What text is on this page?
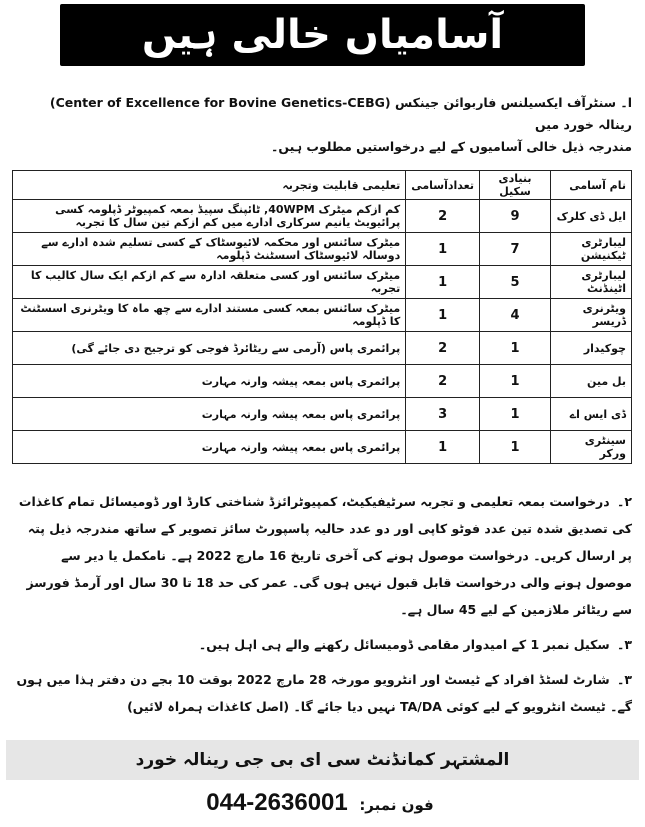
آسامیاں خالی ہیں
ا۔ سنٹرآف ایکسیلنس فاربوائن جینکس (Center of Excellence for Bovine Genetics-CEBG) رینالہ خورد میں
مندرجہ ذیل خالی آسامیوں کے لیے درخواستیں مطلوب ہیں۔
نام آسامی	بنیادی سکیل	تعدادآسامی	تعلیمی قابلیت وتجربہ
ایل ڈی کلرک	9	2	کم ازکم میٹرک 40WPM, ٹائپنگ سپیڈ بمعہ کمپیوٹر ڈپلومہ کسی پرائیویٹ یانیم سرکاری ادارے میں کم ازکم تین سال کا تجربہ
لیبارٹری ٹیکنیشن	7	1	میٹرک سائنس اور محکمہ لائیوسٹاک کے کسی تسلیم شدہ ادارے سے دوسالہ لائیوسٹاک اسسٹنٹ ڈپلومہ
لیبارٹری اٹینڈنٹ	5	1	میٹرک سائنس اور کسی متعلقہ ادارہ سے کم ازکم ایک سال کالیب کا تجربہ
ویٹرنری ڈریسر	4	1	میٹرک سائنس بمعہ کسی مستند ادارے سے چھ ماہ کا ویٹرنری اسسٹنٹ کا ڈپلومہ
چوکیدار	1	2	پرائمری پاس (آرمی سے ریٹائرڈ فوجی کو ترجیح دی جائے گی)
بل مین	1	2	پرائمری پاس بمعہ پیشہ وارنہ مہارت
ڈی ایس اے	1	3	پرائمری پاس بمعہ پیشہ وارنہ مہارت
سینٹری ورکر	1	1	پرائمری پاس بمعہ پیشہ وارنہ مہارت

۲۔ درخواست بمعہ تعلیمی و تجربہ سرٹیفیکیٹ، کمپیوٹرائزڈ شناختی کارڈ اور ڈومیسائل تمام کاغذات کی تصدیق شدہ تین عدد فوٹو کاپی اور دو عدد حالیہ پاسپورٹ سائز تصویر کے ساتھ مندرجہ ذیل پتہ پر ارسال کریں۔ درخواست موصول ہونے کی آخری تاریخ 16 مارچ 2022 ہے۔ نامکمل یا دیر سے موصول ہونے والی درخواست قابل قبول نہیں ہوں گی۔ عمر کی حد 18 تا 30 سال اور آرمڈ فورسز سے ریٹائر ملازمین کے لیے 45 سال ہے۔

۳۔ سکیل نمبر 1 کے امیدوار مقامی ڈومیسائل رکھنے والے ہی اہل ہیں۔

۳۔ شارٹ لسٹڈ افراد کے ٹیسٹ اور انٹرویو مورخہ 28 مارچ 2022 بوقت 10 بجے دن دفتر ہذا میں ہوں گے۔ ٹیسٹ انٹرویو کے لیے کوئی TA/DA نہیں دیا جائے گا۔ (اصل کاغذات ہمراہ لائیں)

المشتہر کمانڈنٹ سی ای بی جی رینالہ خورد
فون نمبر: 044-2636001
